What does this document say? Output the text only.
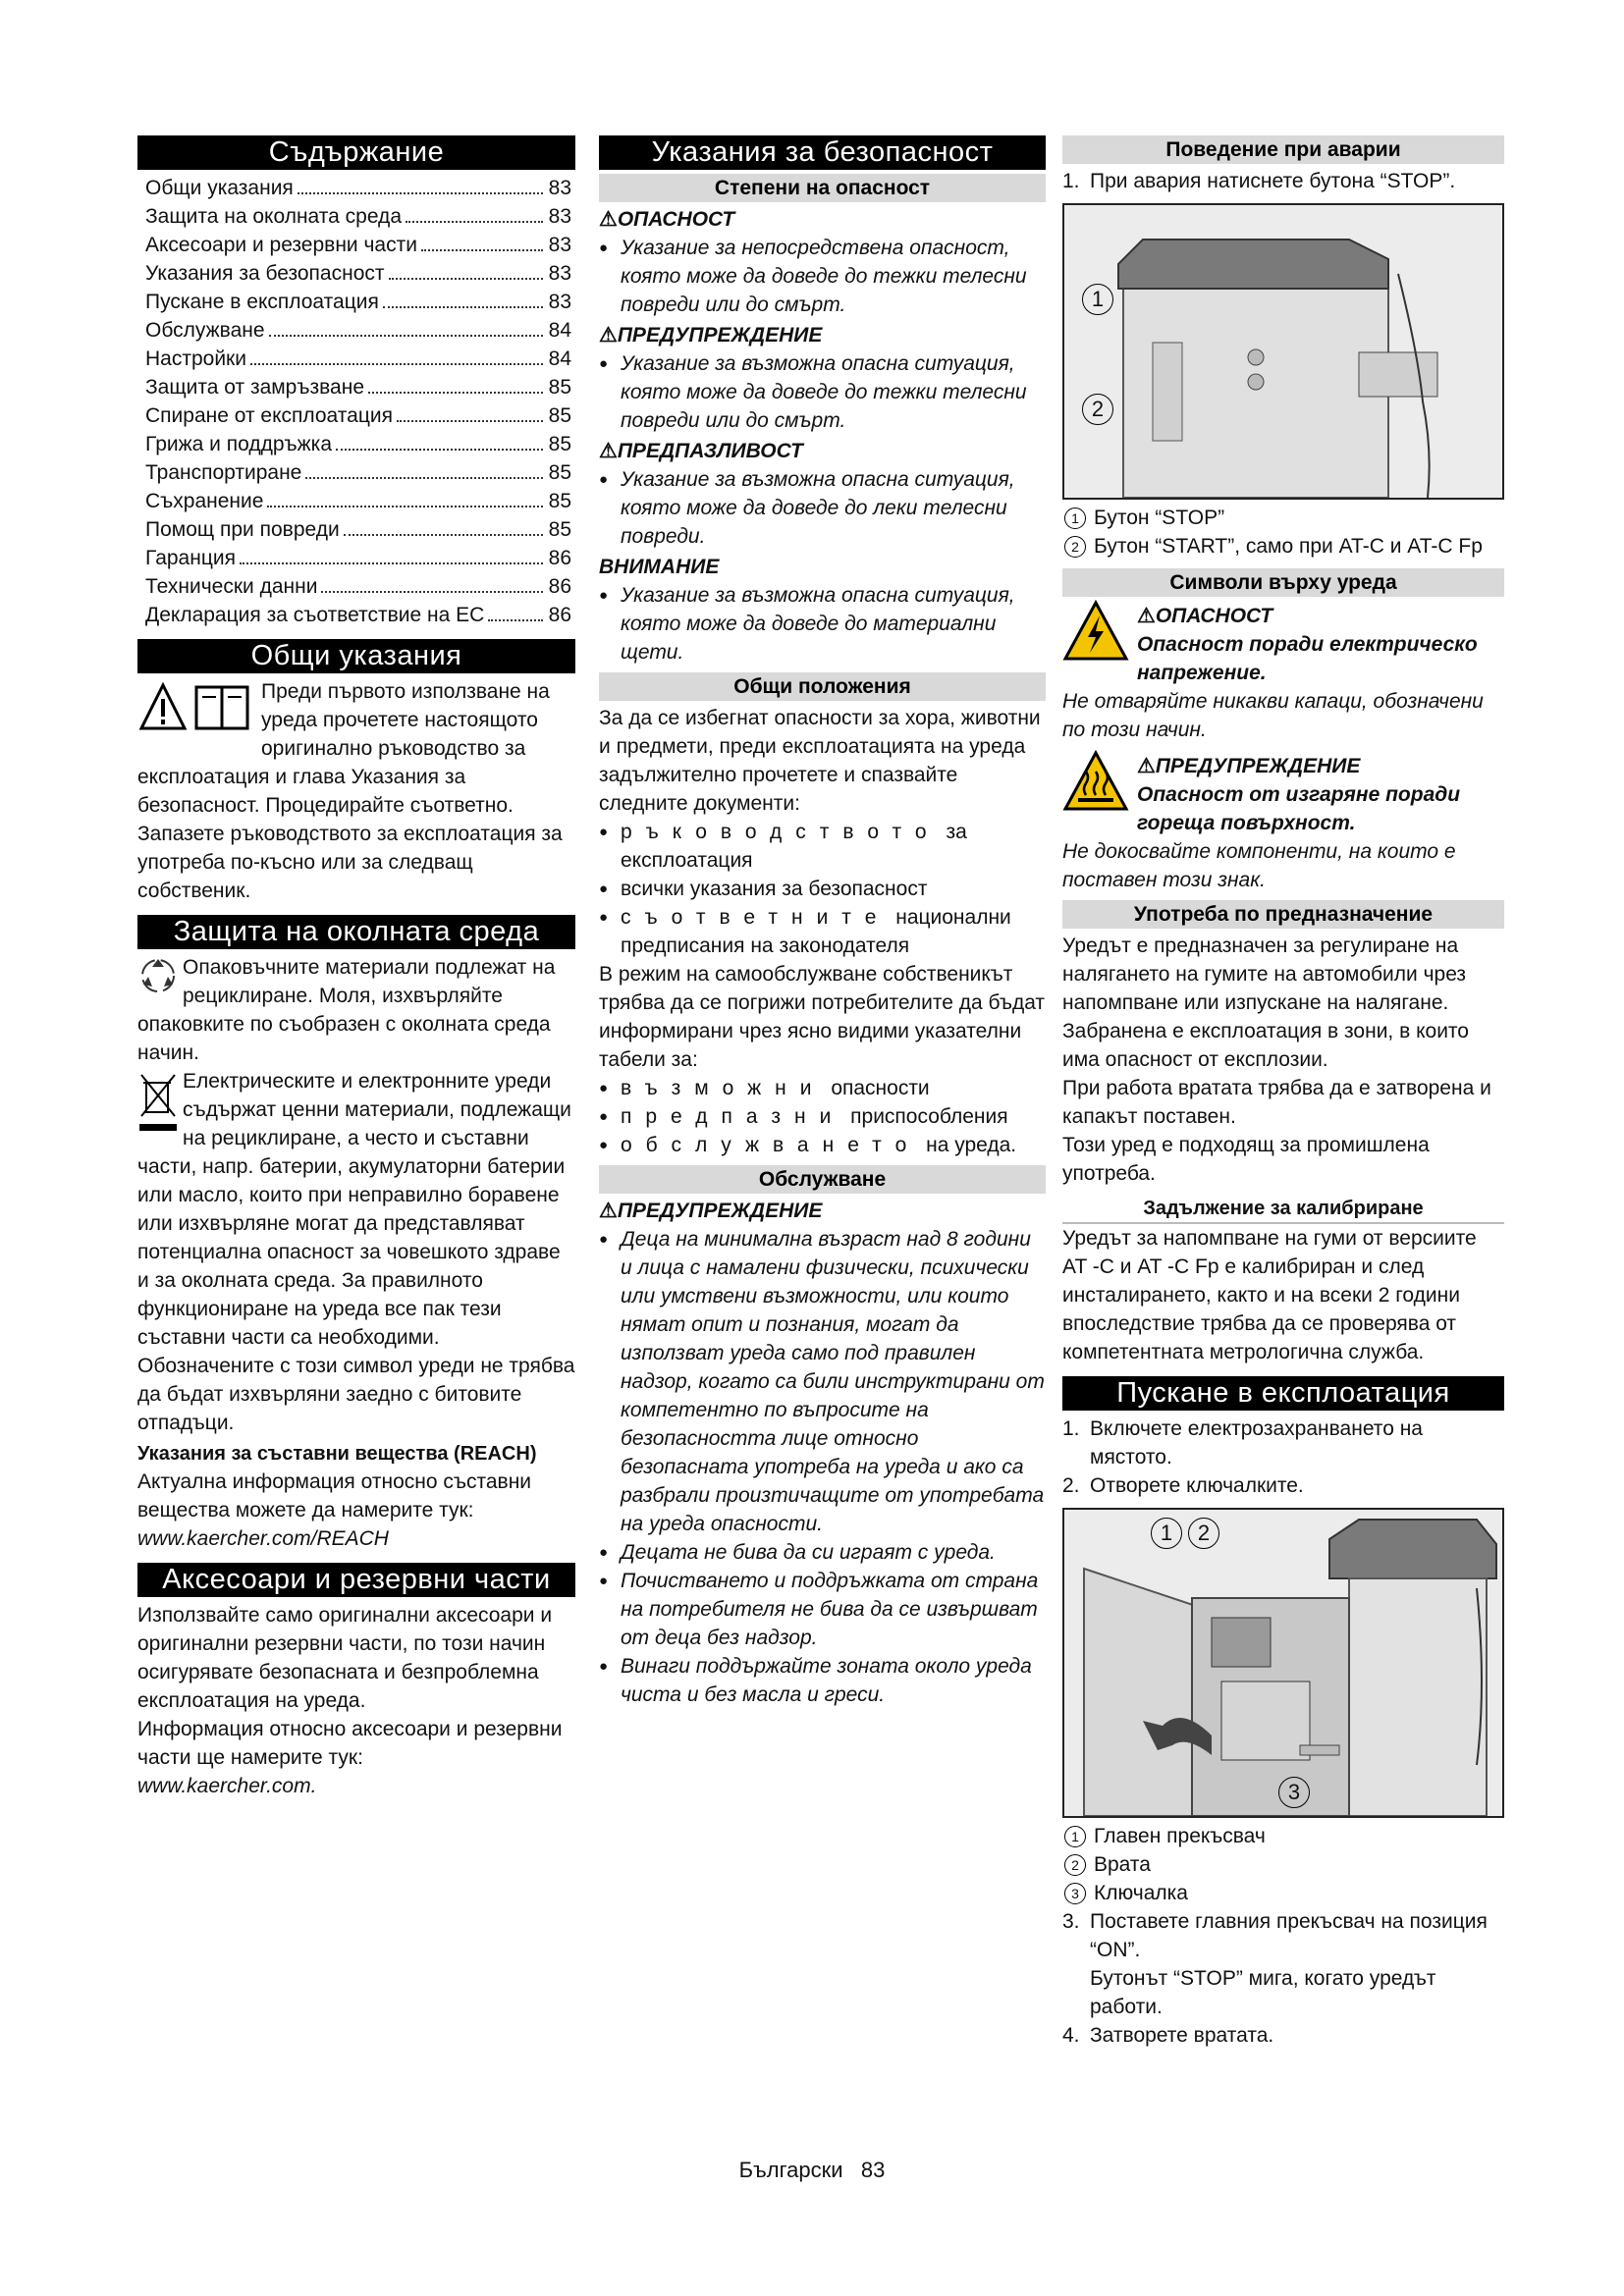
Съдържание
Общи указания	83
Защита на околната среда	83
Аксесоари и резервни части	83
Указания за безопасност	83
Пускане в експлоатация	83
Обслужване	84
Настройки	84
Защита от замръзване	85
Спиране от експлоатация	85
Грижа и поддръжка	85
Транспортиране	85
Съхранение	85
Помощ при повреди	85
Гаранция	86
Технически данни	86
Декларация за съответствие на ЕС	86
Общи указания

Преди първото използване на уреда прочетете настоящото оригинално ръководство за експлоатация и глава Указания за безопасност. Процедирайте съответно.

Запазете ръководството за експлоатация за употреба по-късно или за следващ собственик.

Защита на околната среда

Опаковъчните материали подлежат на рециклиране. Моля, изхвърляйте опаковките по съобразен с околната среда начин.

Електрическите и електронните уреди съдържат ценни материали, подлежащи на рециклиране, а често и съставни части, напр. батерии, акумулаторни батерии или масло, които при неправилно боравене или изхвърляне могат да представляват потенциална опасност за човешкото здраве и за околната среда. За правилното функциониране на уреда все пак тези съставни части са необходими. Обозначените с този символ уреди не трябва да бъдат изхвърляни заедно с битовите отпадъци.

Указания за съставни вещества (REACH)

Актуална информация относно съставни вещества можете да намерите тук:

www.kaercher.com/REACH

Аксесоари и резервни части

Използвайте само оригинални аксесоари и оригинални резервни части, по този начин осигурявате безопасната и безпроблемна експлоатация на уреда.

Информация относно аксесоари и резервни части ще намерите тук:

www.kaercher.com.

Указания за безопасност
Степени на опасност

⚠ОПАСНОСТ

● Указание за непосредствена опасност, която може да доведе до тежки телесни повреди или до смърт.

⚠ПРЕДУПРЕЖДЕНИЕ

● Указание за възможна опасна ситуация, която може да доведе до тежки телесни повреди или до смърт.

⚠ПРЕДПАЗЛИВОСТ

● Указание за възможна опасна ситуация, която може да доведе до леки телесни повреди.

ВНИМАНИЕ

● Указание за възможна опасна ситуация, която може да доведе до материални щети.

Общи положения

За да се избегнат опасности за хора, животни и предмети, преди експлоатацията на уреда задължително прочетете и спазвайте следните документи:

● ръководството за експлоатация

● всички указания за безопасност

● съответните национални

предписания на законодателя

В режим на самообслужване собственикът трябва да се погрижи потребителите да бъдат информирани чрез ясно видими указателни табели за:

● възможни опасности

● предпазни приспособления

● обслужването на уреда.

Обслужване

⚠ПРЕДУПРЕЖДЕНИЕ

● Деца на минимална възраст над 8 години и лица с намалени физически, психически или умствени възможности, или които нямат опит и познания, могат да използват уреда само под правилен надзор, когато са били инструктирани от компетентно по въпросите на безопасността лице относно безопасната употреба на уреда и ако са разбрали произтичащите от употребата на уреда опасности.

● Децата не бива да си играят с уреда.

● Почистването и поддръжката от страна на потребителя не бива да се извършват от деца без надзор.

● Винаги поддържайте зоната около уреда чиста и без масла и греси.

Поведение при аварии

1. При авария натиснете бутона “STOP”.

1
2

1 Бутон “STOP”

2 Бутон “START”, само при AT-C и AT-C Fp

Символи върху уреда

⚠ОПАСНОСТ

Опасност поради електрическо напрежение.

Не отваряйте никакви капаци, обозначени по този начин.

⚠ПРЕДУПРЕЖДЕНИЕ

Опасност от изгаряне поради гореща повърхност.

Не докосвайте компоненти, на които е поставен този знак.

Употреба по предназначение

Уредът е предназначен за регулиране на налягането на гумите на автомобили чрез напомпване или изпускане на налягане.

Забранена е експлоатация в зони, в които има опасност от експлозии.

При работа вратата трябва да е затворена и капакът поставен.

Този уред е подходящ за промишлена употреба.

Задължение за калибриране

Уредът за напомпване на гуми от версиите AT -C и AT -C Fp е калибриран и след инсталирането, както и на всеки 2 години впоследствие трябва да се проверява от компетентната метрологична служба.

Пускане в експлоатация

1. Включете електрозахранването на мястото.

2. Отворете ключалките.

1	2
3

1 Главен прекъсвач

2 Врата

3 Ключалка

3. Поставете главния прекъсвач на позиция “ON”.

Бутонът “STOP” мига, когато уредът работи.

4. Затворете вратата.

Български 83
